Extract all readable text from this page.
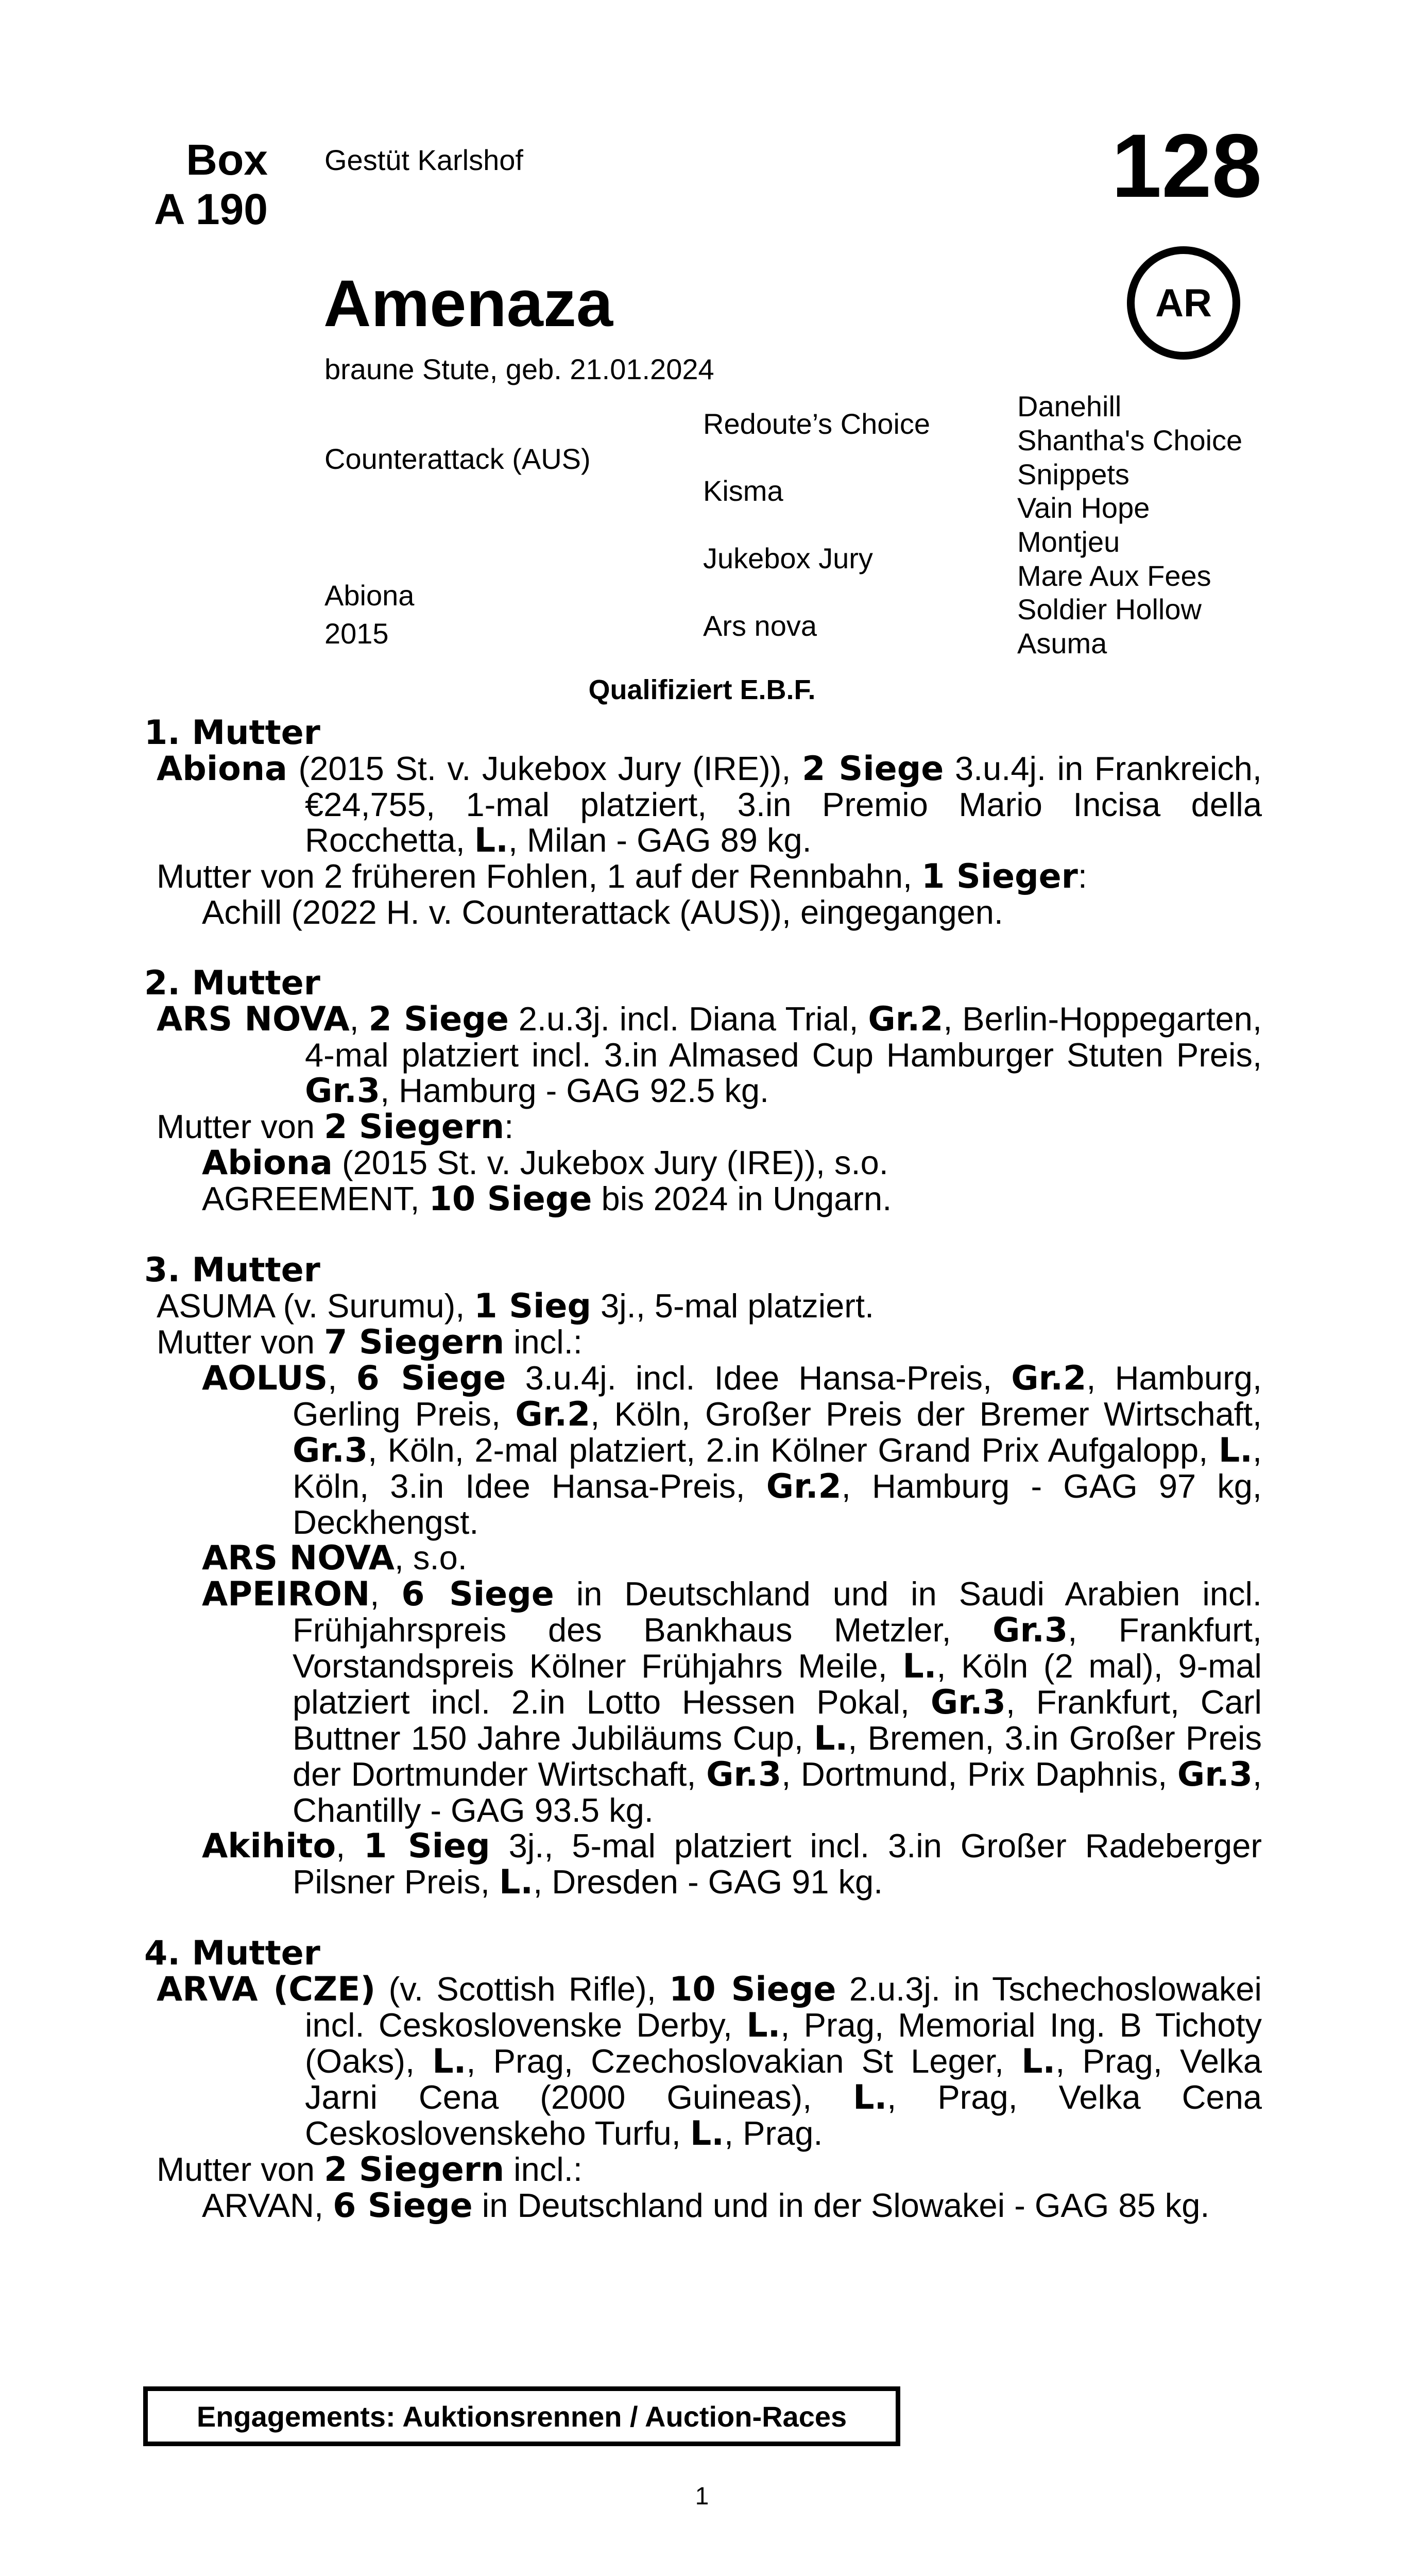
Box
A 190
Gestüt Karlshof	128
AR
Amenaza
braune Stute, geb. 21.01.2024
Counterattack (AUS)
Abiona
2015
Redoute’s Choice
Kisma
Jukebox Jury
Ars nova
Danehill
Shantha's Choice
Snippets
Vain Hope
Montjeu
Mare Aux Fees
Soldier Hollow
Asuma
Qualifiziert E.B.F.
1. Mutter
Abiona (2015 St. v. Jukebox Jury (IRE)), 2 Siege 3.u.4j. in Frankreich, €24,755, 1-mal platziert, 3.in Premio Mario Incisa della Rocchetta, L., Milan - GAG 89 kg.
Mutter von 2 früheren Fohlen, 1 auf der Rennbahn, 1 Sieger:
Achill (2022 H. v. Counterattack (AUS)), eingegangen.
2. Mutter
ARS NOVA, 2 Siege 2.u.3j. incl. Diana Trial, Gr.2, Berlin-Hoppegarten, 4-mal platziert incl. 3.in Almased Cup Hamburger Stuten Preis, Gr.3, Hamburg - GAG 92.5 kg.
Mutter von 2 Siegern:
Abiona (2015 St. v. Jukebox Jury (IRE)), s.o.
AGREEMENT, 10 Siege bis 2024 in Ungarn.
3. Mutter
ASUMA (v. Surumu), 1 Sieg 3j., 5-mal platziert.
Mutter von 7 Siegern incl.:
AOLUS, 6 Siege 3.u.4j. incl. Idee Hansa-Preis, Gr.2, Hamburg, Gerling Preis, Gr.2, Köln, Großer Preis der Bremer Wirtschaft, Gr.3, Köln, 2-mal platziert, 2.in Kölner Grand Prix Aufgalopp, L., Köln, 3.in Idee Hansa-Preis, Gr.2, Hamburg - GAG 97 kg, Deckhengst.
ARS NOVA, s.o.
APEIRON, 6 Siege in Deutschland und in Saudi Arabien incl. Frühjahrspreis des Bankhaus Metzler, Gr.3, Frankfurt, Vorstandspreis Kölner Frühjahrs Meile, L., Köln (2 mal), 9-mal platziert incl. 2.in Lotto Hessen Pokal, Gr.3, Frankfurt, Carl Buttner 150 Jahre Jubiläums Cup, L., Bremen, 3.in Großer Preis der Dortmunder Wirtschaft, Gr.3, Dortmund, Prix Daphnis, Gr.3, Chantilly - GAG 93.5 kg.
Akihito, 1 Sieg 3j., 5-mal platziert incl. 3.in Großer Radeberger Pilsner Preis, L., Dresden - GAG 91 kg.
4. Mutter
ARVA (CZE) (v. Scottish Rifle), 10 Siege 2.u.3j. in Tschechoslowakei incl. Ceskoslovenske Derby, L., Prag, Memorial Ing. B Tichoty (Oaks), L., Prag, Czechoslovakian St Leger, L., Prag, Velka Jarni Cena (2000 Guineas), L., Prag, Velka Cena Ceskoslovenskeho Turfu, L., Prag.
Mutter von 2 Siegern incl.:
ARVAN, 6 Siege in Deutschland und in der Slowakei - GAG 85 kg.
Engagements: Auktionsrennen / Auction-Races
1
